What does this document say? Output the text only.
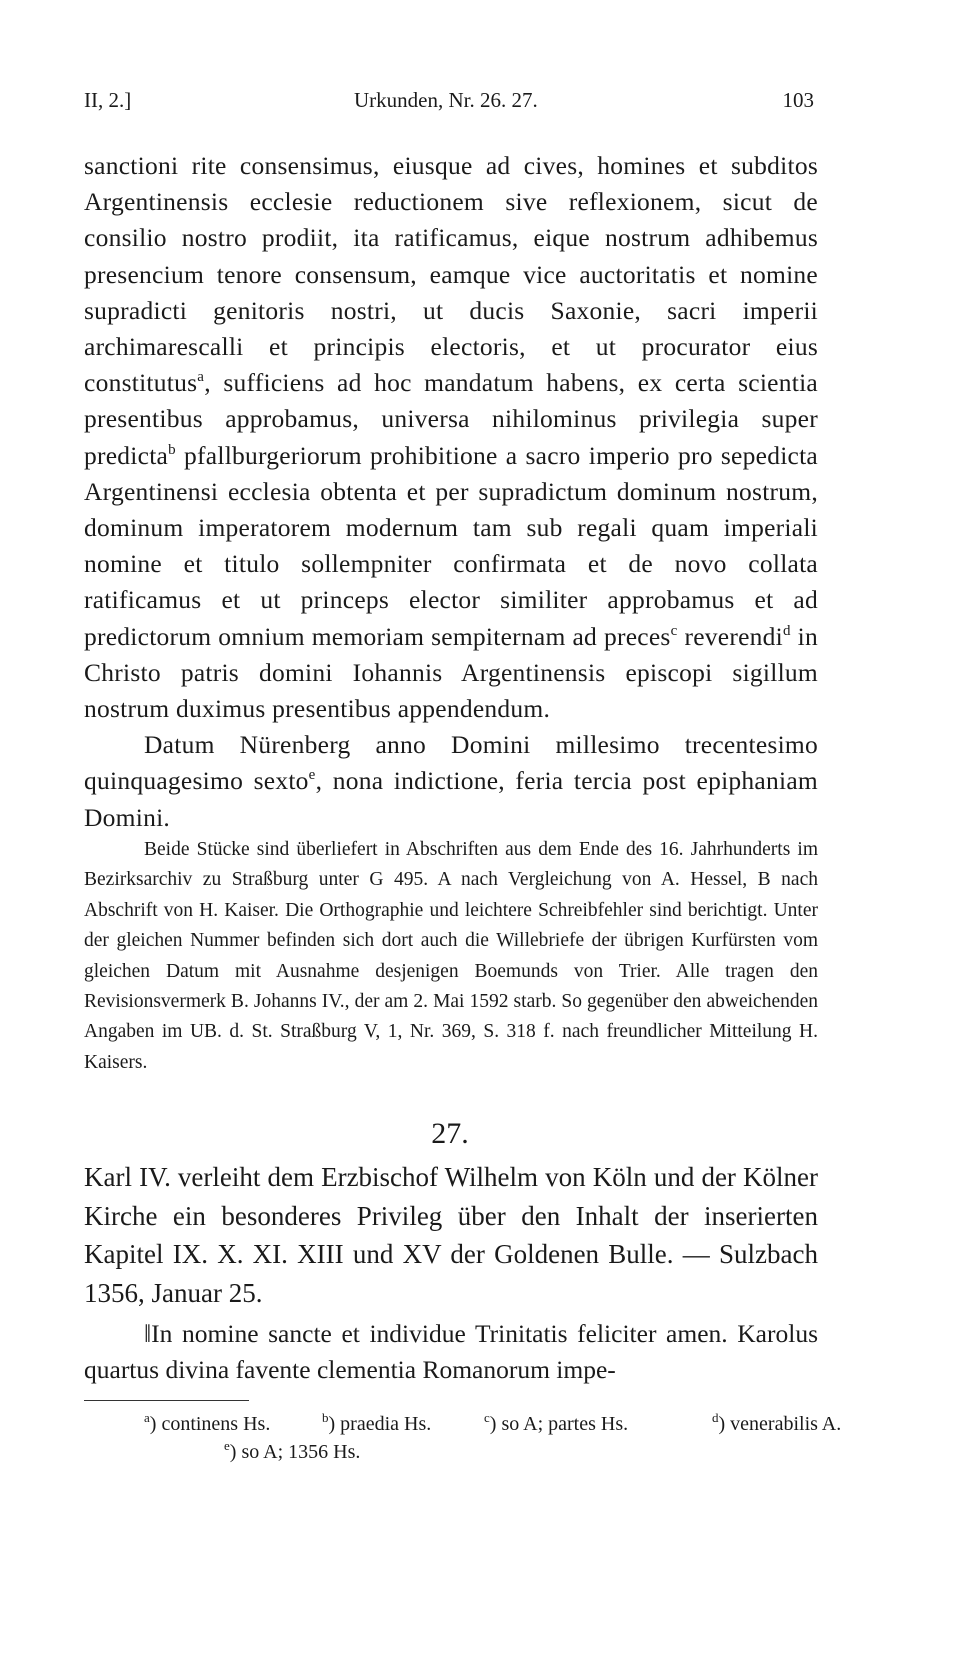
II, 2.]	Urkunden, Nr. 26. 27.	103

sanctioni rite consensimus, eiusque ad cives, homines et subditos Argentinensis ecclesie reductionem sive reflexionem, sicut de consilio nostro prodiit, ita ratificamus, eique nostrum adhibemus presencium tenore consensum, eamque vice auctoritatis et nomine supradicti genitoris nostri, ut ducis Saxonie, sacri imperii archimarescalli et principis electoris, et ut procurator eius constitutus$^a$, sufficiens ad hoc mandatum habens, ex certa scientia presentibus approbamus, universa nihilominus privilegia super predicta$^b$ pfallburgeriorum prohibitione a sacro imperio pro sepedicta Argentinensi ecclesia obtenta et per supradictum dominum nostrum, dominum imperatorem modernum tam sub regali quam imperiali nomine et titulo sollempniter confirmata et de novo collata ratificamus et ut princeps elector similiter approbamus et ad predictorum omnium memoriam sempiternam ad preces$^c$ reverendi$^d$ in Christo patris domini Iohannis Argentinensis episcopi sigillum nostrum duximus presentibus appendendum.

Datum Nürenberg anno Domini millesimo trecentesimo quinquagesimo sexto$^e$, nona indictione, feria tercia post epiphaniam Domini.

Beide Stücke sind überliefert in Abschriften aus dem Ende des 16. Jahrhunderts im Bezirksarchiv zu Straßburg unter G 495. A nach Vergleichung von A. Hessel, B nach Abschrift von H. Kaiser. Die Orthographie und leichtere Schreibfehler sind berichtigt. Unter der gleichen Nummer befinden sich dort auch die Willebriefe der übrigen Kurfürsten vom gleichen Datum mit Ausnahme desjenigen Boemunds von Trier. Alle tragen den Revisionsvermerk B. Johanns IV., der am 2. Mai 1592 starb. So gegenüber den abweichenden Angaben im UB. d. St. Straßburg V, 1, Nr. 369, S. 318 f. nach freundlicher Mitteilung H. Kaisers.

27.

Karl IV. verleiht dem Erzbischof Wilhelm von Köln und der Kölner Kirche ein besonderes Privileg über den Inhalt der inserierten Kapitel IX. X. XI. XIII und XV der Goldenen Bulle. — Sulzbach 1356, Januar 25.

‖In nomine sancte et individue Trinitatis feliciter amen. Karolus quartus divina favente clementia Romanorum impe-

$^a$) continens Hs.	$^b$) praedia Hs.	$^c$) so A; partes Hs.	$^d$) venerabilis A.
$^e$) so A; 1356 Hs.
